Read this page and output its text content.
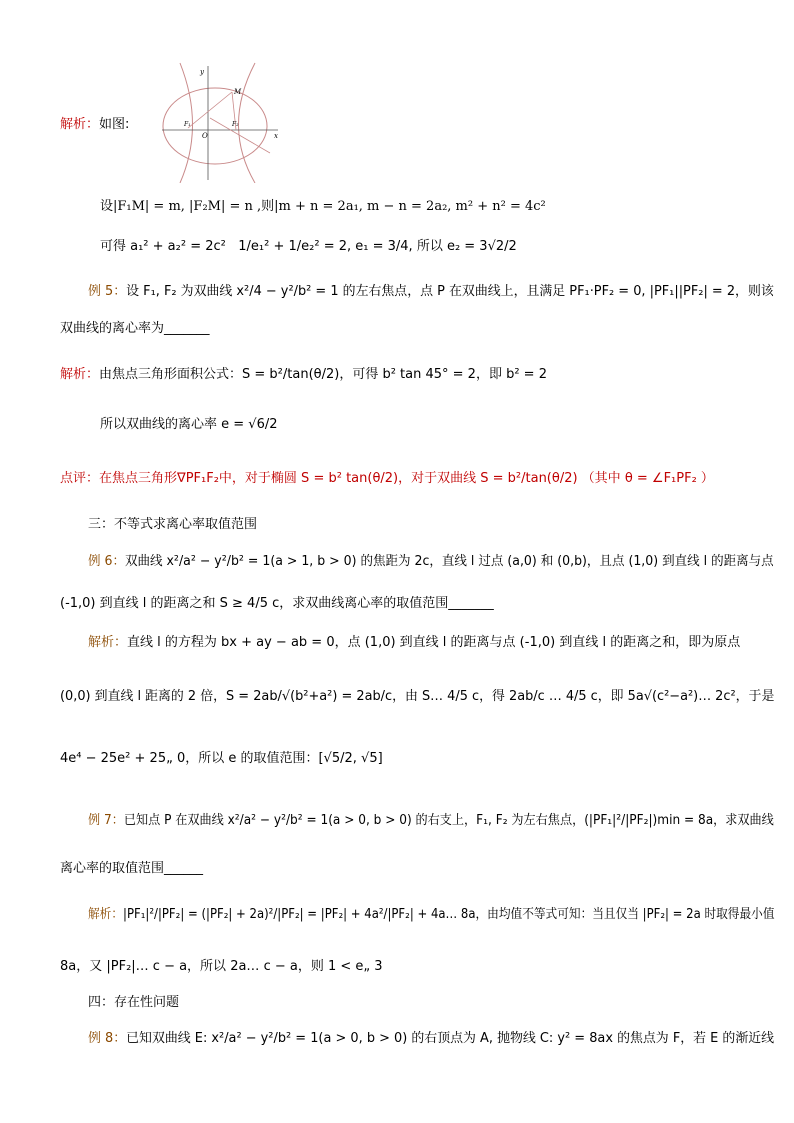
y
M
F₁	F₂
O	x
解析：如图:
设|F₁M| = m, |F₂M| = n ,则|m + n = 2a₁, m − n = 2a₂, m² + n² = 4c²
可得 a₁² + a₂² = 2c² 1/e₁² + 1/e₂² = 2, e₁ = 3/4, 所以 e₂ = 3√2/2
例 5：设 F₁, F₂ 为双曲线 x²/4 − y²/b² = 1 的左右焦点，点 P 在双曲线上，且满足 PF₁·PF₂ = 0, |PF₁||PF₂| = 2，则该
双曲线的离心率为_______
解析：由焦点三角形面积公式：S = b²/tan(θ/2)，可得 b² tan 45° = 2，即 b² = 2
所以双曲线的离心率 e = √6/2
点评：在焦点三角形∇PF₁F₂中，对于椭圆 S = b² tan(θ/2)，对于双曲线 S = b²/tan(θ/2) （其中 θ = ∠F₁PF₂ ）
三：不等式求离心率取值范围
例 6：双曲线 x²/a² − y²/b² = 1(a > 1, b > 0) 的焦距为 2c，直线 l 过点 (a,0) 和 (0,b)，且点 (1,0) 到直线 l 的距离与点
(-1,0) 到直线 l 的距离之和 S ≥ 4/5 c，求双曲线离心率的取值范围_______
解析：直线 l 的方程为 bx + ay − ab = 0，点 (1,0) 到直线 l 的距离与点 (-1,0) 到直线 l 的距离之和，即为原点
(0,0) 到直线 l 距离的 2 倍，S = 2ab/√(b²+a²) = 2ab/c，由 S… 4/5 c，得 2ab/c … 4/5 c，即 5a√(c²−a²)… 2c²，于是
4e⁴ − 25e² + 25„ 0，所以 e 的取值范围：[√5/2, √5]
例 7：已知点 P 在双曲线 x²/a² − y²/b² = 1(a > 0, b > 0) 的右支上，F₁, F₂ 为左右焦点，(|PF₁|²/|PF₂|)min = 8a，求双曲线
离心率的取值范围______
解析：|PF₁|²/|PF₂| = (|PF₂| + 2a)²/|PF₂| = |PF₂| + 4a²/|PF₂| + 4a… 8a，由均值不等式可知：当且仅当 |PF₂| = 2a 时取得最小值
8a，又 |PF₂|… c − a，所以 2a… c − a，则 1 < e„ 3
四：存在性问题
例 8：已知双曲线 E: x²/a² − y²/b² = 1(a > 0, b > 0) 的右顶点为 A, 抛物线 C: y² = 8ax 的焦点为 F，若 E 的渐近线
